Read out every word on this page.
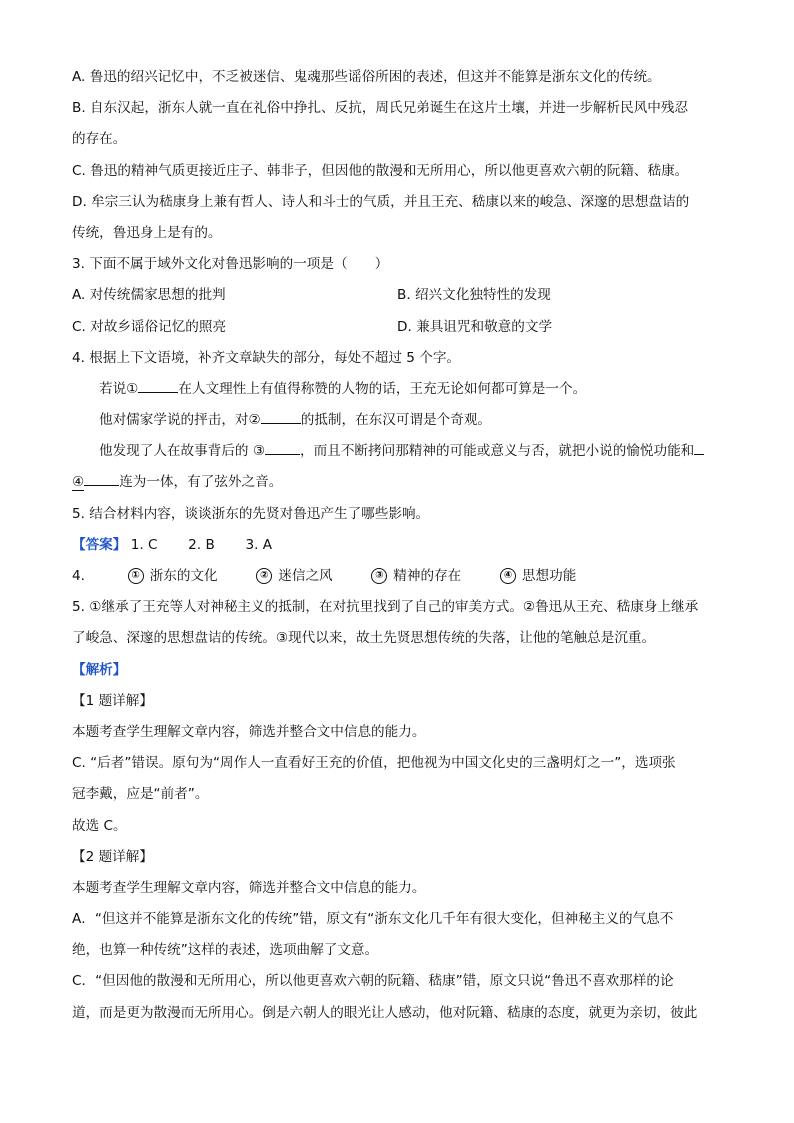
A. 鲁迅的绍兴记忆中，不乏被迷信、鬼魂那些谣俗所困的表述，但这并不能算是浙东文化的传统。
B. 自东汉起，浙东人就一直在礼俗中挣扎、反抗，周氏兄弟诞生在这片土壤，并进一步解析民风中残忍
的存在。
C. 鲁迅的精神气质更接近庄子、韩非子，但因他的散漫和无所用心，所以他更喜欢六朝的阮籍、嵇康。
D. 牟宗三认为嵇康身上兼有哲人、诗人和斗士的气质，并且王充、嵇康以来的峻急、深邃的思想盘诘的
传统，鲁迅身上是有的。
3. 下面不属于域外文化对鲁迅影响的一项是（　　）
A. 对传统儒家思想的批判	B. 绍兴文化独特性的发现
C. 对故乡谣俗记忆的照亮	D. 兼具诅咒和敬意的文学
4. 根据上下文语境，补齐文章缺失的部分，每处不超过 5 个字。
若说①	在人文理性上有值得称赞的人物的话，王充无论如何都可算是一个。
他对儒家学说的抨击，对②	的抵制，在东汉可谓是个奇观。
他发现了人在故事背后的 ③	，而且不断拷问那精神的可能或意义与否，就把小说的愉悦功能和
④	连为一体，有了弦外之音。
5. 结合材料内容，谈谈浙东的先贤对鲁迅产生了哪些影响。
【答案】 1. C 2. B 3. A
4.	① 浙东的文化	② 迷信之风	③ 精神的存在	④ 思想功能
5. ①继承了王充等人对神秘主义的抵制，在对抗里找到了自己的审美方式。②鲁迅从王充、嵇康身上继承
了峻急、深邃的思想盘诘的传统。③现代以来，故土先贤思想传统的失落，让他的笔触总是沉重。
【解析】
【1 题详解】
本题考查学生理解文章内容，筛选并整合文中信息的能力。
C. “后者”错误。原句为“周作人一直看好王充的价值，把他视为中国文化史的三盏明灯之一”，选项张
冠李戴，应是“前者”。
故选 C。
【2 题详解】
本题考查学生理解文章内容，筛选并整合文中信息的能力。
A．“但这并不能算是浙东文化的传统”错，原文有“浙东文化几千年有很大变化，但神秘主义的气息不
绝，也算一种传统”这样的表述，选项曲解了文意。
C．“但因他的散漫和无所用心，所以他更喜欢六朝的阮籍、嵇康”错，原文只说“鲁迅不喜欢那样的论
道，而是更为散漫而无所用心。倒是六朝人的眼光让人感动，他对阮籍、嵇康的态度，就更为亲切，彼此
